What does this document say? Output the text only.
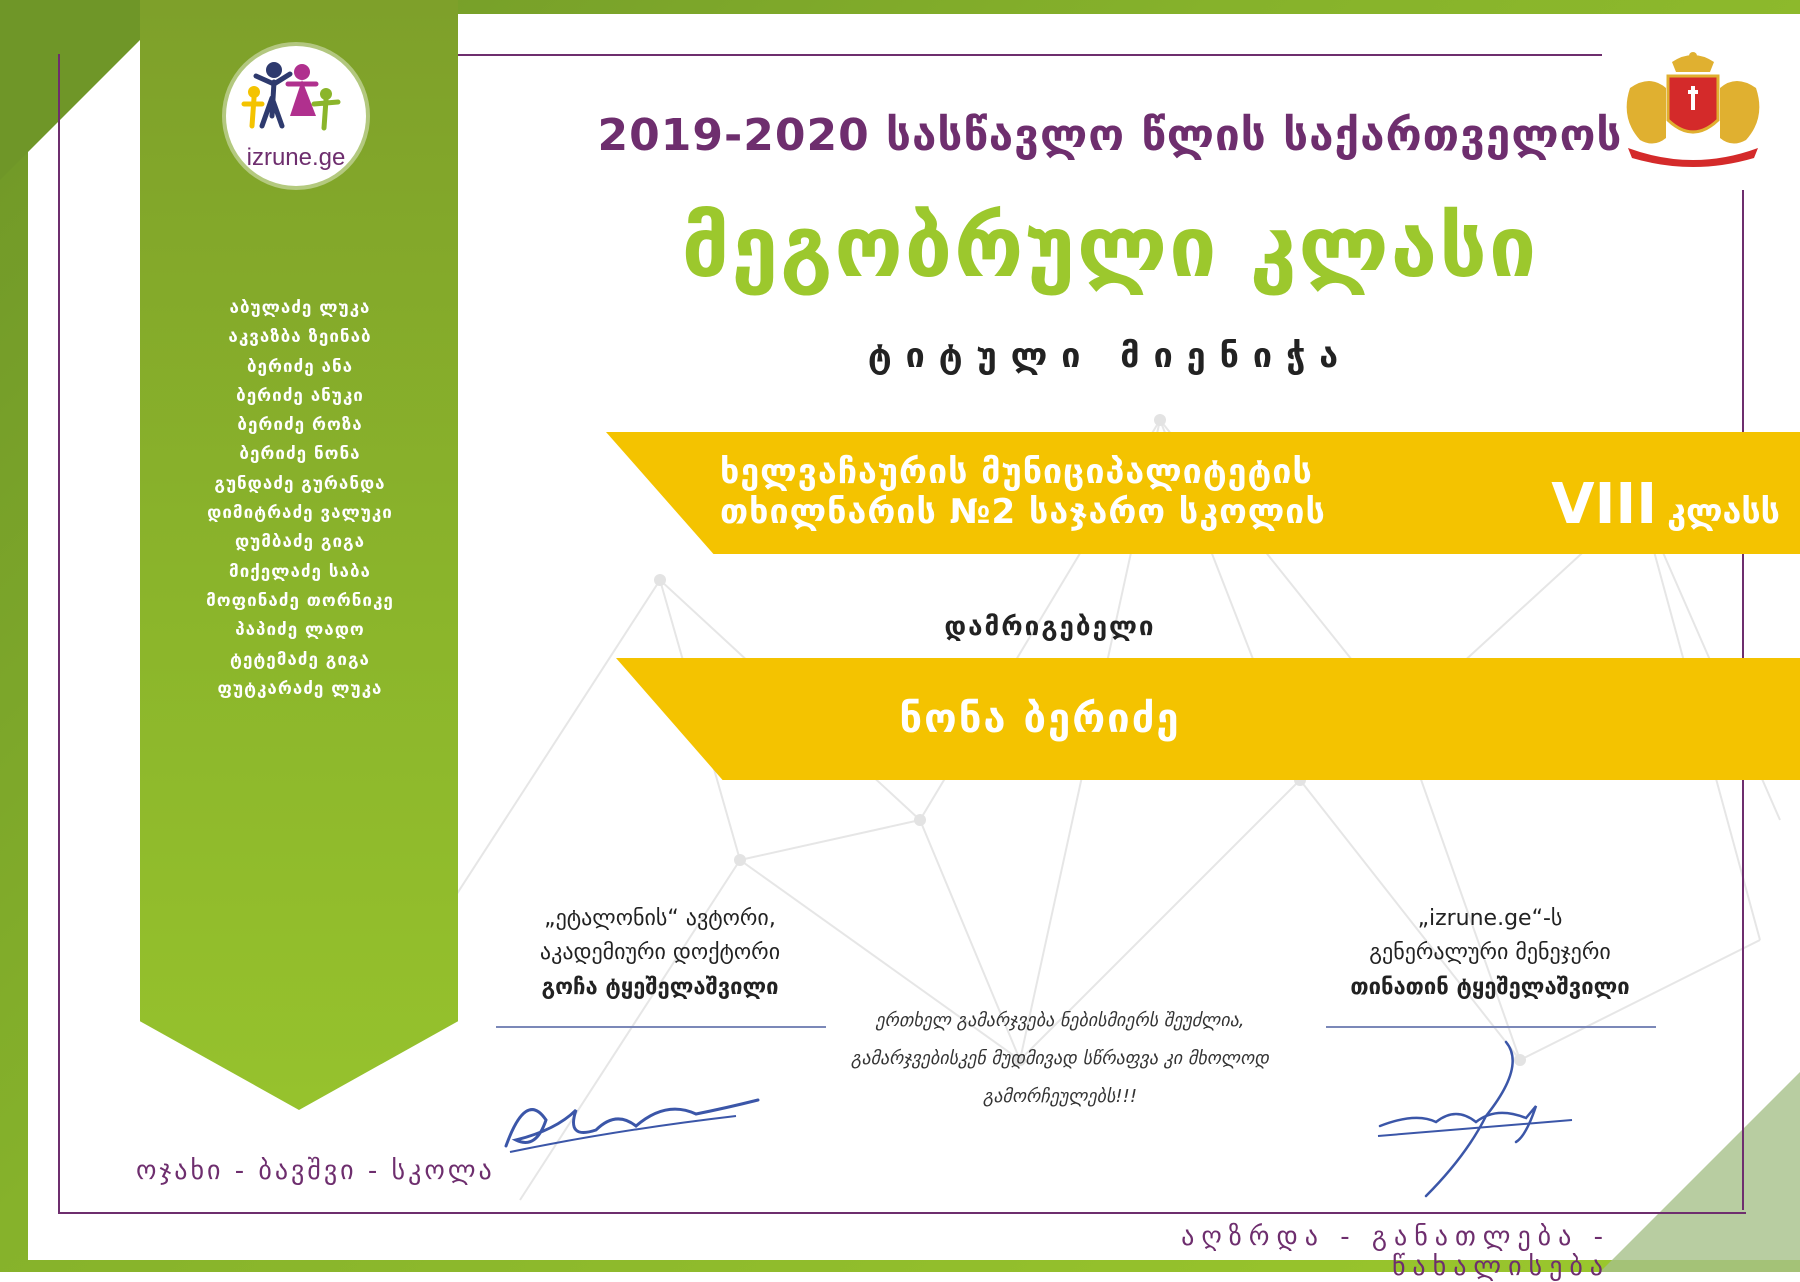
izrune.ge
აბულაძე ლუკა
აკვაზბა ზეინაბ
ბერიძე ანა
ბერიძე ანუკი
ბერიძე როზა
ბერიძე ნონა
გუნდაძე გურანდა
დიმიტრაძე ვალუკი
დუმბაძე გიგა
მიქელაძე საბა
მოფინაძე თორნიკე
პაპიძე ლადო
ტეტემაძე გიგა
ფუტკარაძე ლუკა
2019-2020 სასწავლო წლის საქართველოს
მეგობრული კლასი
ტიტული მიენიჭა
ხელვაჩაურის მუნიციპალიტეტის
თხილნარის №2 საჯარო სკოლის	VIII კლასს
დამრიგებელი
ნონა ბერიძე
„ეტალონის“ ავტორი,
აკადემიური დოქტორი
გოჩა ტყეშელაშვილი
„izrune.ge“-ს
გენერალური მენეჯერი
თინათინ ტყეშელაშვილი
ერთხელ გამარჯვება ნებისმიერს შეუძლია,
გამარჯვებისკენ მუდმივად სწრაფვა კი მხოლოდ გამორჩეულებს!!!
ოჯახი - ბავშვი - სკოლა
აღზრდა - განათლება - წახალისება
